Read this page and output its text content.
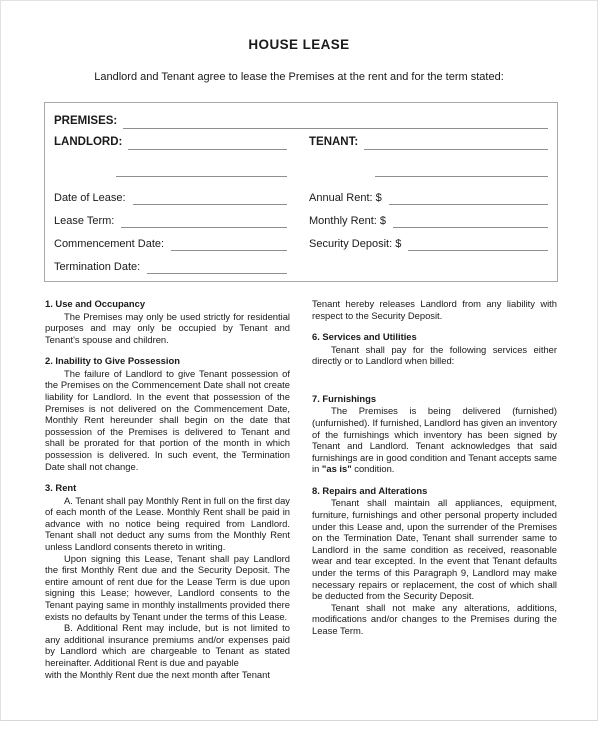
HOUSE LEASE

Landlord and Tenant agree to lease the Premises at the rent and for the term stated:

PREMISES:
LANDLORD:	TENANT:
Date of Lease:
Lease Term:
Commencement Date:
Termination Date:
Annual Rent: $
Monthly Rent: $
Security Deposit: $
1. Use and Occupancy

The Premises may only be used strictly for residential purposes and may only be occupied by Tenant and Tenant's spouse and children.

2. Inability to Give Possession

The failure of Landlord to give Tenant possession of the Premises on the Commencement Date shall not create liability for Landlord. In the event that possession of the Premises is not delivered on the Commencement Date, Monthly Rent hereunder shall begin on the date that possession of the Premises is delivered to Tenant and shall be prorated for that portion of the month in which possession is delivered. In such event, the Termination Date shall not change.

3. Rent

A. Tenant shall pay Monthly Rent in full on the first day of each month of the Lease. Monthly Rent shall be paid in advance with no notice being required from Landlord. Tenant shall not deduct any sums from the Monthly Rent unless Landlord consents thereto in writing.

Upon signing this Lease, Tenant shall pay Landlord the first Monthly Rent due and the Security Deposit. The entire amount of rent due for the Lease Term is due upon signing this Lease; however, Landlord consents to the Tenant paying same in monthly installments provided there exists no defaults by Tenant under the terms of this Lease.

B. Additional Rent may include, but is not limited to any additional insurance premiums and/or expenses paid by Landlord which are chargeable to Tenant as stated hereinafter. Additional Rent is due and payable

with the Monthly Rent due the next month after Tenant

Tenant hereby releases Landlord from any liability with respect to the Security Deposit.

6. Services and Utilities

Tenant shall pay for the following services either directly or to Landlord when billed:

7. Furnishings

The Premises is being delivered (furnished) (unfurnished). If furnished, Landlord has given an inventory of the furnishings which inventory has been signed by Tenant and Landlord. Tenant acknowledges that said furnishings are in good condition and Tenant accepts same in "as is" condition.

8. Repairs and Alterations

Tenant shall maintain all appliances, equipment, furniture, furnishings and other personal property included under this Lease and, upon the surrender of the Premises on the Termination Date, Tenant shall surrender same to Landlord in the same condition as received, reasonable wear and tear excepted. In the event that Tenant defaults under the terms of this Paragraph 9, Landlord may make necessary repairs or replacement, the cost of which shall be deducted from the Security Deposit.

Tenant shall not make any alterations, additions, modifications and/or changes to the Premises during the Lease Term.
